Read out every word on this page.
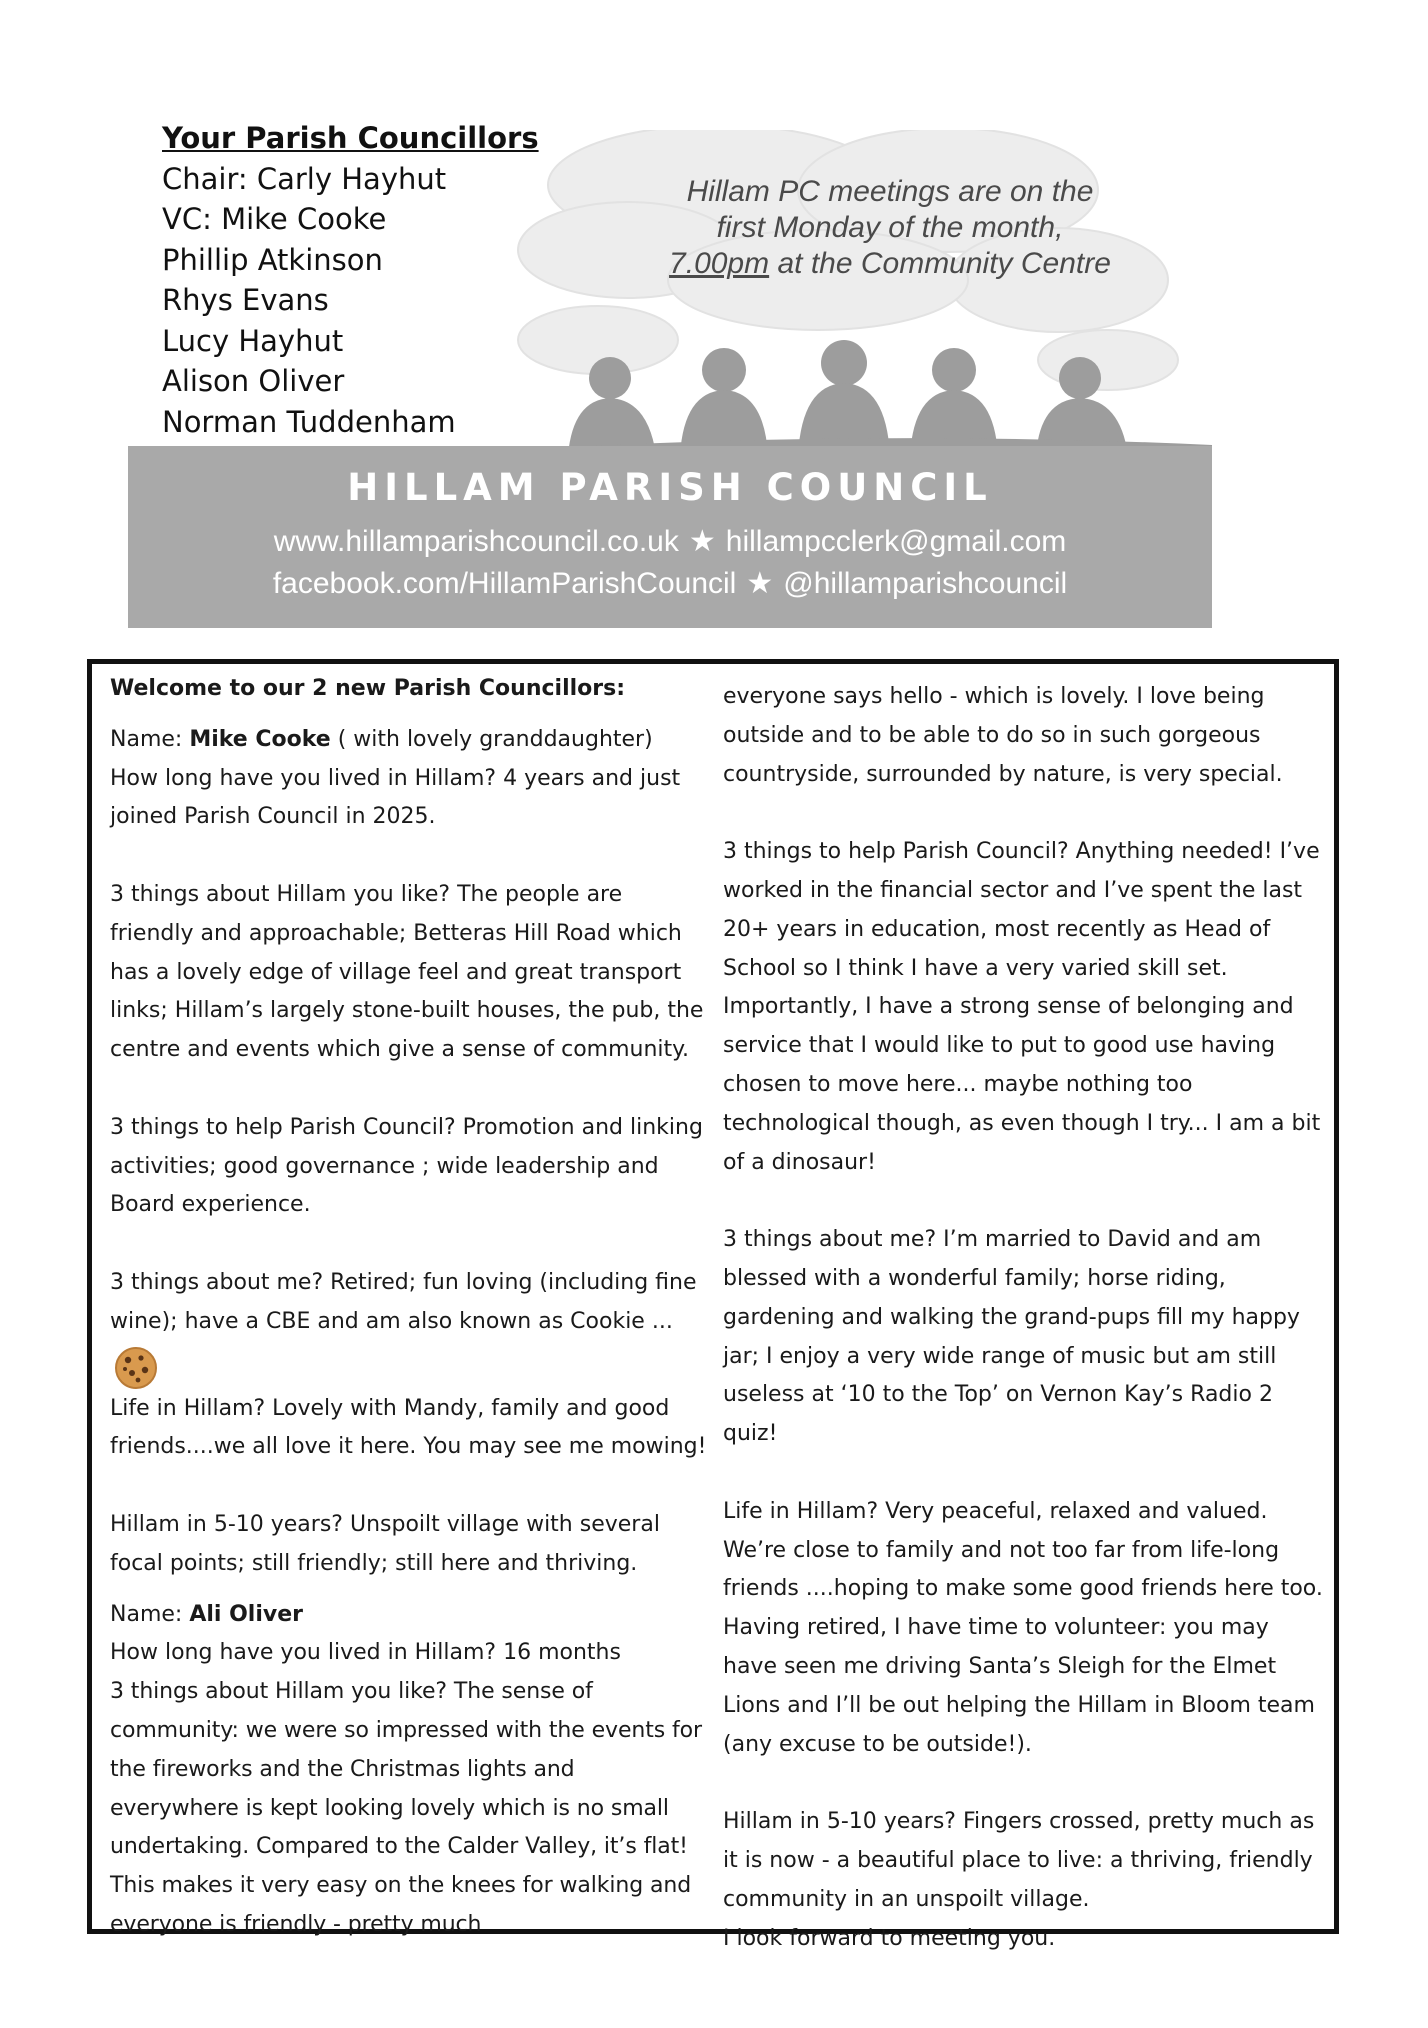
Your Parish Councillors
Chair: Carly Hayhut
VC: Mike Cooke
Phillip Atkinson
Rhys Evans
Lucy Hayhut
Alison Oliver
Norman Tuddenham
Hillam PC meetings are on the
first Monday of the month,
7.00pm at the Community Centre
HILLAM PARISH COUNCIL
www.hillamparishcouncil.co.uk ★ hillampcclerk@gmail.com
facebook.com/HillamParishCouncil ★ @hillamparishcouncil

Welcome to our 2 new Parish Councillors:

Name: Mike Cooke ( with lovely granddaughter)

How long have you lived in Hillam? 4 years and just joined Parish Council in 2025.

3 things about Hillam you like? The people are friendly and approachable; Betteras Hill Road which has a lovely edge of village feel and great transport links; Hillam’s largely stone-built houses, the pub, the centre and events which give a sense of community.

3 things to help Parish Council? Promotion and linking activities; good governance ; wide leadership and Board experience.

3 things about me? Retired; fun loving (including fine wine); have a CBE and am also known as Cookie ...

Life in Hillam? Lovely with Mandy, family and good friends....we all love it here. You may see me mowing!

Hillam in 5-10 years? Unspoilt village with several focal points; still friendly; still here and thriving.

Name: Ali Oliver

How long have you lived in Hillam? 16 months

3 things about Hillam you like? The sense of community: we were so impressed with the events for the fireworks and the Christmas lights and everywhere is kept looking lovely which is no small undertaking. Compared to the Calder Valley, it’s flat! This makes it very easy on the knees for walking and everyone is friendly - pretty much

everyone says hello - which is lovely. I love being outside and to be able to do so in such gorgeous countryside, surrounded by nature, is very special.

3 things to help Parish Council? Anything needed! I’ve worked in the financial sector and I’ve spent the last 20+ years in education, most recently as Head of School so I think I have a very varied skill set. Importantly, I have a strong sense of belonging and service that I would like to put to good use having chosen to move here... maybe nothing too technological though, as even though I try... I am a bit of a dinosaur!

3 things about me? I’m married to David and am blessed with a wonderful family; horse riding, gardening and walking the grand-pups fill my happy jar; I enjoy a very wide range of music but am still useless at ‘10 to the Top’ on Vernon Kay’s Radio 2 quiz!

Life in Hillam? Very peaceful, relaxed and valued. We’re close to family and not too far from life-long friends ....hoping to make some good friends here too. Having retired, I have time to volunteer: you may have seen me driving Santa’s Sleigh for the Elmet Lions and I’ll be out helping the Hillam in Bloom team (any excuse to be outside!).

Hillam in 5-10 years? Fingers crossed, pretty much as it is now - a beautiful place to live: a thriving, friendly community in an unspoilt village.

I look forward to meeting you.
